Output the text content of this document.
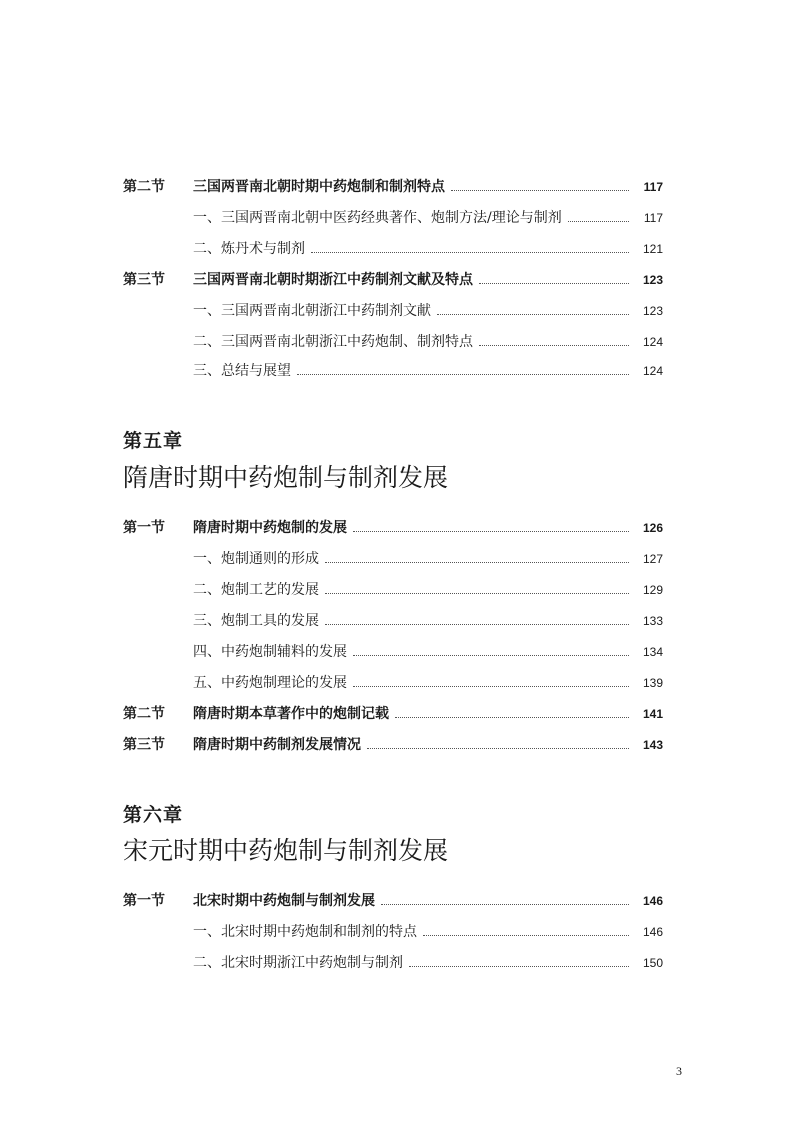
第二节	三国两晋南北朝时期中药炮制和制剂特点	117
一、三国两晋南北朝中医药经典著作、炮制方法/理论与制剂	117
二、炼丹术与制剂	121
第三节	三国两晋南北朝时期浙江中药制剂文献及特点	123
一、三国两晋南北朝浙江中药制剂文献	123
二、三国两晋南北朝浙江中药炮制、制剂特点	124
三、总结与展望	124
第五章
隋唐时期中药炮制与制剂发展
第一节	隋唐时期中药炮制的发展	126
一、炮制通则的形成	127
二、炮制工艺的发展	129
三、炮制工具的发展	133
四、中药炮制辅料的发展	134
五、中药炮制理论的发展	139
第二节	隋唐时期本草著作中的炮制记载	141
第三节	隋唐时期中药制剂发展情况	143
第六章
宋元时期中药炮制与制剂发展
第一节	北宋时期中药炮制与制剂发展	146
一、北宋时期中药炮制和制剂的特点	146
二、北宋时期浙江中药炮制与制剂	150
3
